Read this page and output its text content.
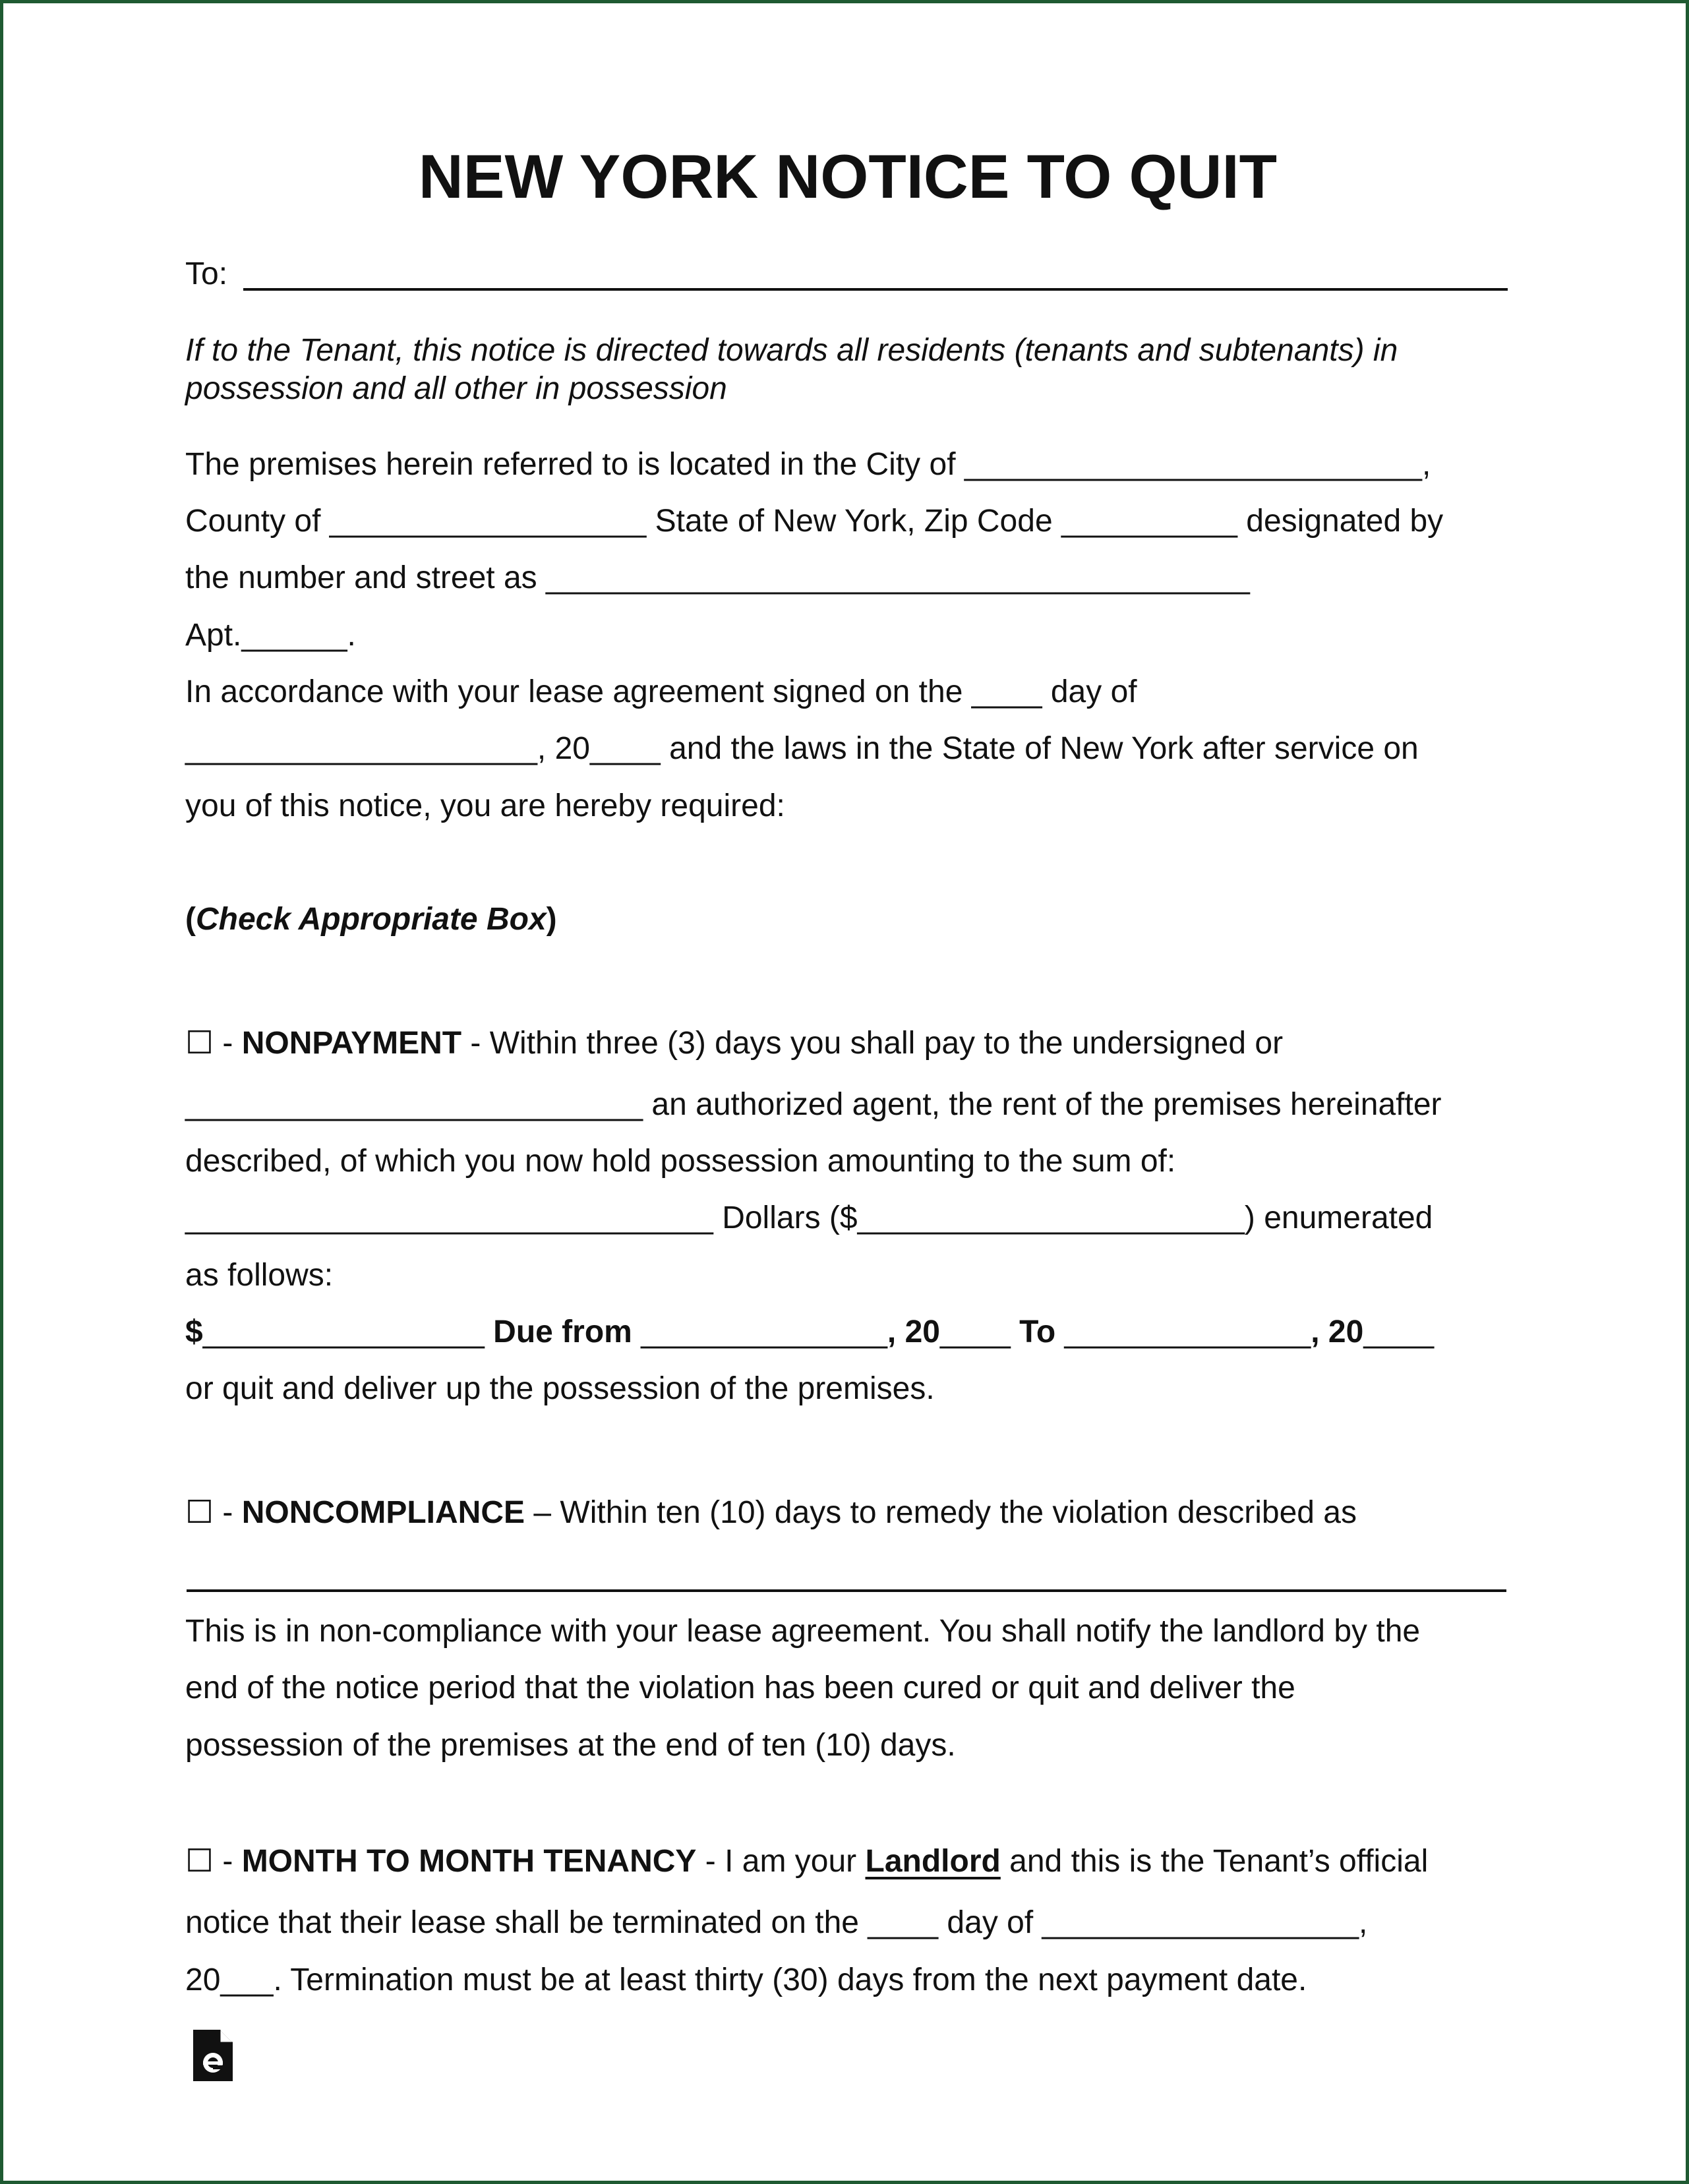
NEW YORK NOTICE TO QUIT
To:
If to the Tenant, this notice is directed towards all residents (tenants and subtenants) in
possession and all other in possession
The premises herein referred to is located in the City of __________________________,
County of __________________ State of New York, Zip Code __________ designated by
the number and street as ________________________________________
Apt.______.
In accordance with your lease agreement signed on the ____ day of
____________________, 20____ and the laws in the State of New York after service on
you of this notice, you are hereby required:
(Check Appropriate Box)
☐ - NONPAYMENT - Within three (3) days you shall pay to the undersigned or
__________________________ an authorized agent, the rent of the premises hereinafter
described, of which you now hold possession amounting to the sum of:
______________________________ Dollars ($______________________) enumerated
as follows:
$________________ Due from ______________, 20____ To ______________, 20____
or quit and deliver up the possession of the premises.
☐ - NONCOMPLIANCE – Within ten (10) days to remedy the violation described as
This is in non-compliance with your lease agreement. You shall notify the landlord by the
end of the notice period that the violation has been cured or quit and deliver the
possession of the premises at the end of ten (10) days.
☐ - MONTH TO MONTH TENANCY - I am your Landlord and this is the Tenant’s official
notice that their lease shall be terminated on the ____ day of __________________,
20___. Termination must be at least thirty (30) days from the next payment date.
